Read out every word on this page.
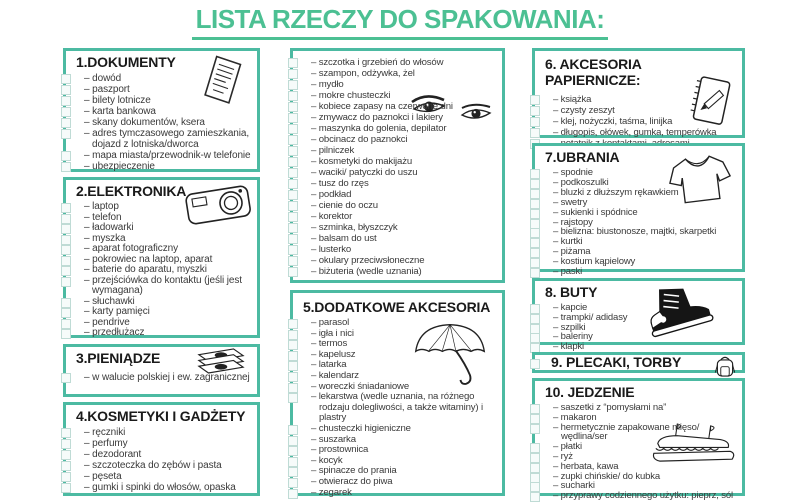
LISTA RZECZY DO SPAKOWANIA:
1.DOKUMENTY
– dowód
– paszport
– bilety lotnicze
– karta bankowa
– skany dokumentów, ksera
– adres tymczasowego zamieszkania, dojazd z lotniska/dworca
– mapa miasta/przewodnik-w telefonie
– ubezpieczenie
2.ELEKTRONIKA
– laptop
– telefon
– ładowarki
– myszka
– aparat fotograficzny
– pokrowiec na laptop, aparat
– baterie do aparatu, myszki
– przejściówka do kontaktu (jeśli jest wymagana)
– słuchawki
– karty pamięci
– pendrive
– przedłużacz
3.PIENIĄDZE
– w walucie polskiej i ew. zagranicznej
4.KOSMETYKI I GADŻETY
– ręczniki
– perfumy
– dezodorant
– szczoteczka do zębów i pasta
– pęseta
– gumki i spinki do włosów, opaska
– szczotka i grzebień do włosów
– szampon, odżywka, żel
– mydło
– mokre chusteczki
– kobiece zapasy na czerwone dni
– zmywacz do paznokci i lakiery
– maszynka do golenia, depilator
– obcinacz do paznokci
– pilniczek
– kosmetyki do makijażu
– waciki/ patyczki do uszu
– tusz do rzęs
– podkład
– cienie do oczu
– korektor
– szminka, błyszczyk
– balsam do ust
– lusterko
– okulary przeciwsłoneczne
– biżuteria (wedle uznania)
5.DODATKOWE AKCESORIA
– parasol
– igła i nici
– termos
– kapelusz
– latarka
– kalendarz
– woreczki śniadaniowe
– lekarstwa (wedle uznania, na różnego rodzaju dolegliwości, a także witaminy) i plastry
– chusteczki higieniczne
– suszarka
– prostownica
– kocyk
– spinacze do prania
– otwieracz do piwa
– zegarek
6. AKCESORIA PAPIERNICZE:
– książka
– czysty zeszyt
– klej, nożyczki, taśma, linijka
– długopis, ołówek, gumka, temperówka
7.UBRANIA
– spodnie
– podkoszulki
– bluzki z dłuższym rękawkiem
– swetry
– sukienki i spódnice
– rajstopy
– bielizna: biustonosze, majtki, skarpetki
– kurtki
– piżama
– kostium kąpielowy
– paski
8. BUTY
– kapcie
– trampki/ adidasy
– szpilki
– baleriny
– klapki
9. PLECAKI, TORBY
10. JEDZENIE
– saszetki z “pomysłami na”
– makaron
– hermetycznie zapakowane mięso/ wędlina/ser
– płatki
– ryż
– herbata, kawa
– zupki chińskie/ do kubka
– sucharki
– przyprawy codziennego użytku: pieprz, sól
